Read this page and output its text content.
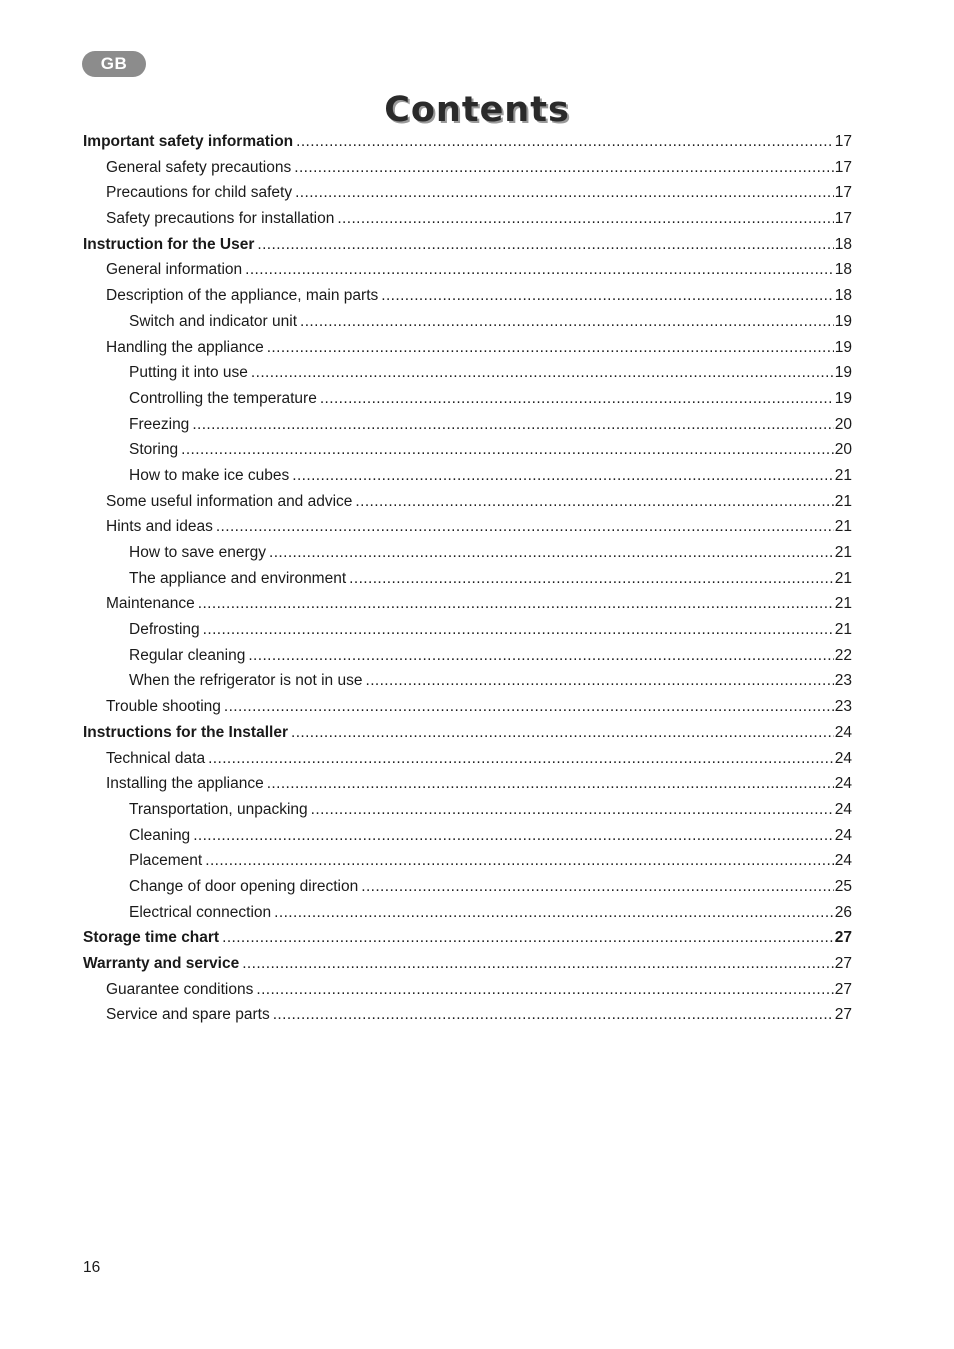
GB
Contents
Important safety information .....	17
General safety precautions .....	17
Precautions for child safety .....	17
Safety precautions for installation .....	17
Instruction for the User .....	18
General information .....	18
Description of the appliance, main parts .....	18
Switch and indicator unit .....	19
Handling the appliance .....	19
Putting it into use .....	19
Controlling the temperature .....	19
Freezing .....	20
Storing .....	20
How to make ice cubes .....	21
Some useful information and advice .....	21
Hints and ideas .....	21
How to save energy .....	21
The appliance and environment .....	21
Maintenance .....	21
Defrosting .....	21
Regular cleaning .....	22
When the refrigerator is not in use .....	23
Trouble shooting .....	23
Instructions for the Installer .....	24
Technical data .....	24
Installing the appliance .....	24
Transportation, unpacking .....	24
Cleaning .....	24
Placement .....	24
Change of door opening direction .....	25
Electrical connection .....	26
Storage time chart .....	27
Warranty and service .....	27
Guarantee conditions .....	27
Service and spare parts .....	27
16
